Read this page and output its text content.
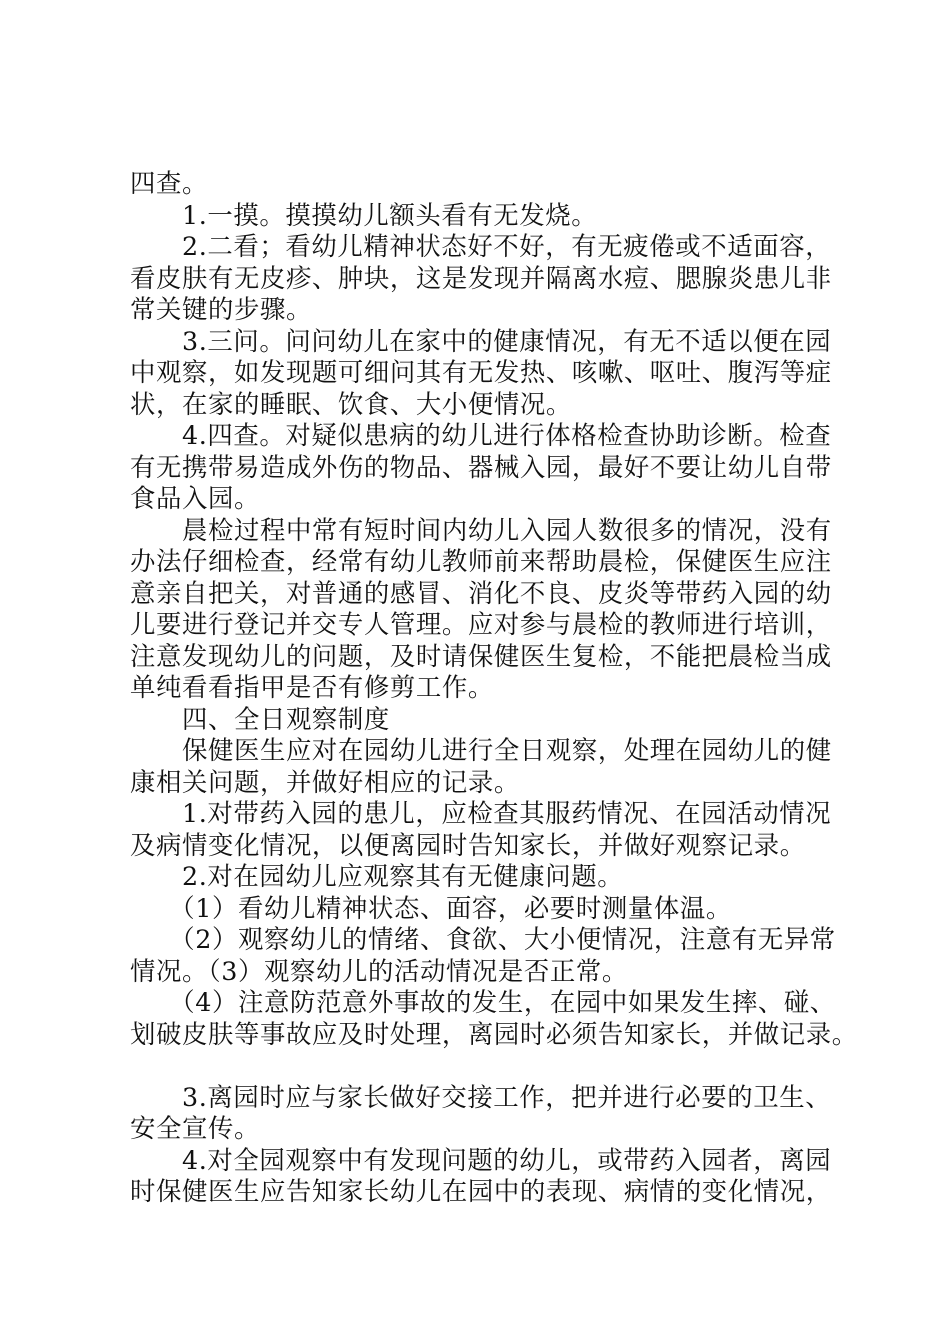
四查。

　　1.一摸。摸摸幼儿额头看有无发烧。

　　2.二看；看幼儿精神状态好不好，有无疲倦或不适面容，

看皮肤有无皮疹、肿块，这是发现并隔离水痘、腮腺炎患儿非

常关键的步骤。

　　3.三问。问问幼儿在家中的健康情况，有无不适以便在园

中观察，如发现题可细问其有无发热、咳嗽、呕吐、腹泻等症

状，在家的睡眠、饮食、大小便情况。

　　4.四查。对疑似患病的幼儿进行体格检查协助诊断。检查

有无携带易造成外伤的物品、器械入园，最好不要让幼儿自带

食品入园。

　　晨检过程中常有短时间内幼儿入园人数很多的情况，没有

办法仔细检查，经常有幼儿教师前来帮助晨检，保健医生应注

意亲自把关，对普通的感冒、消化不良、皮炎等带药入园的幼

儿要进行登记并交专人管理。应对参与晨检的教师进行培训，

注意发现幼儿的问题，及时请保健医生复检，不能把晨检当成

单纯看看指甲是否有修剪工作。

　　四、全日观察制度

　　保健医生应对在园幼儿进行全日观察，处理在园幼儿的健

康相关问题，并做好相应的记录。

　　1.对带药入园的患儿，应检查其服药情况、在园活动情况

及病情变化情况，以便离园时告知家长，并做好观察记录。

　　2.对在园幼儿应观察其有无健康问题。

　　（1）看幼儿精神状态、面容，必要时测量体温。

　　（2）观察幼儿的情绪、食欲、大小便情况，注意有无异常

情况。（3）观察幼儿的活动情况是否正常。

　　（4）注意防范意外事故的发生，在园中如果发生摔、碰、

划破皮肤等事故应及时处理，离园时必须告知家长，并做记录。

　　3.离园时应与家长做好交接工作，把并进行必要的卫生、

安全宣传。

　　4.对全园观察中有发现问题的幼儿，或带药入园者，离园

时保健医生应告知家长幼儿在园中的表现、病情的变化情况，
